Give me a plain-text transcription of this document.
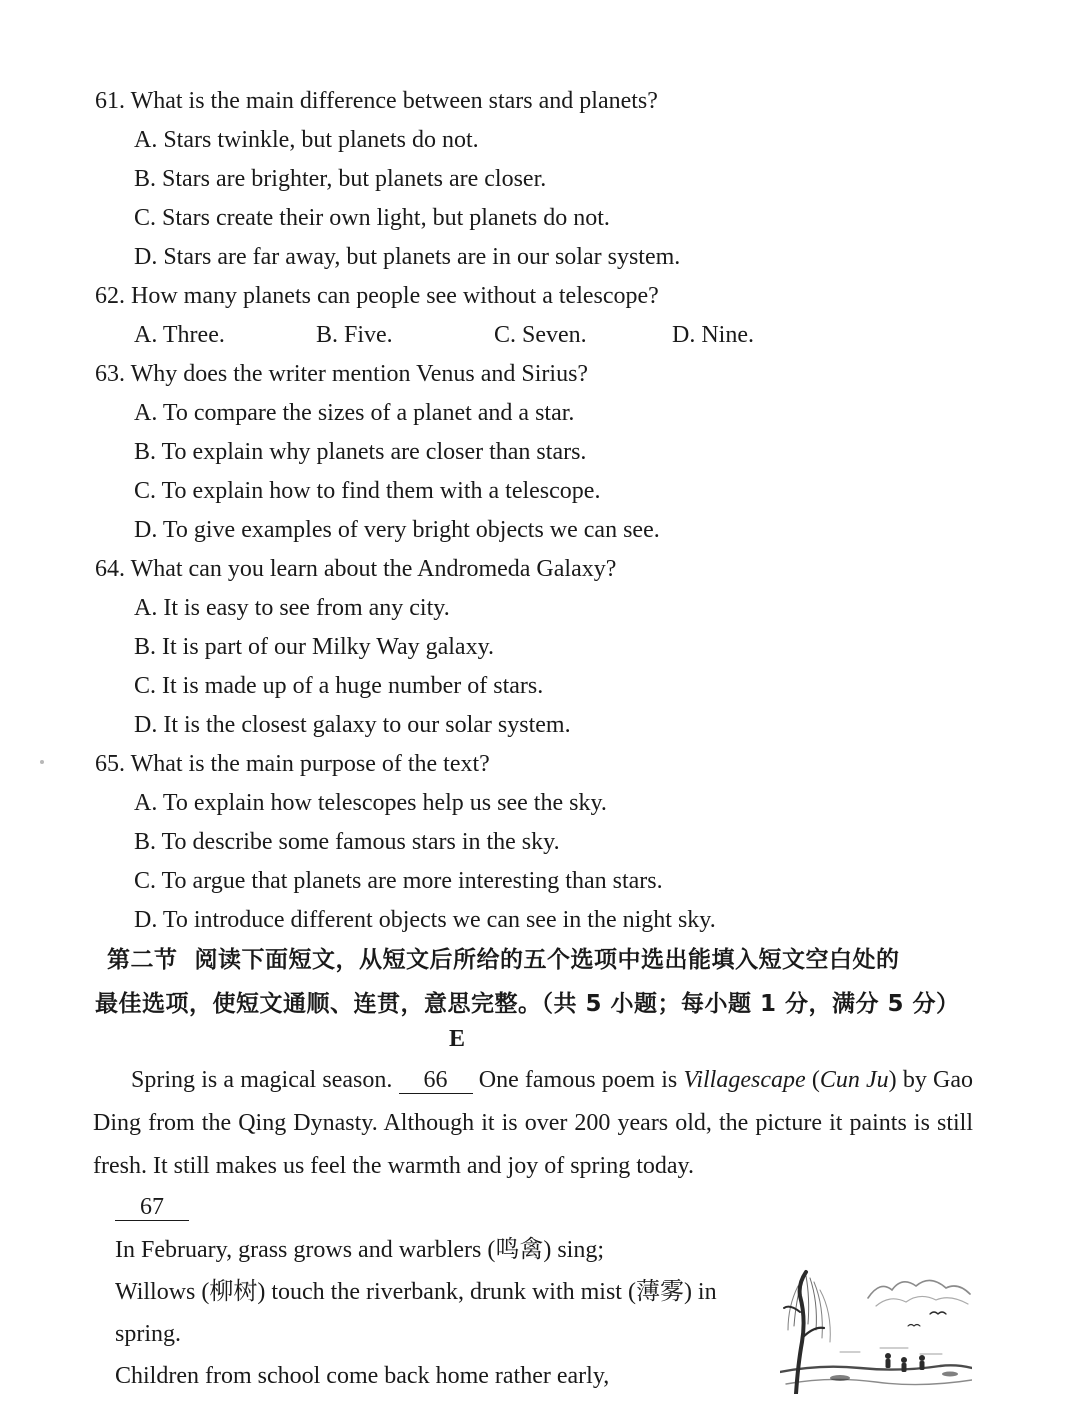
61. What is the main difference between stars and planets?
A. Stars twinkle, but planets do not.
B. Stars are brighter, but planets are closer.
C. Stars create their own light, but planets do not.
D. Stars are far away, but planets are in our solar system.
62. How many planets can people see without a telescope?
A. Three.	B. Five.	C. Seven.	D. Nine.
63. Why does the writer mention Venus and Sirius?
A. To compare the sizes of a planet and a star.
B. To explain why planets are closer than stars.
C. To explain how to find them with a telescope.
D. To give examples of very bright objects we can see.
64. What can you learn about the Andromeda Galaxy?
A. It is easy to see from any city.
B. It is part of our Milky Way galaxy.
C. It is made up of a huge number of stars.
D. It is the closest galaxy to our solar system.
65. What is the main purpose of the text?
A. To explain how telescopes help us see the sky.
B. To describe some famous stars in the sky.
C. To argue that planets are more interesting than stars.
D. To introduce different objects we can see in the night sky.
第二节 阅读下面短文，从短文后所给的五个选项中选出能填入短文空白处的
最佳选项，使短文通顺、连贯，意思完整。（共 5 小题；每小题 1 分，满分 5 分）
E
Spring is a magical season. 66 One famous poem is Villagescape (Cun Ju) by Gao Ding from the Qing Dynasty. Although it is over 200 years old, the picture it paints is still fresh. It still makes us feel the warmth and joy of spring today.
67
In February, grass grows and warblers (鸣禽) sing;
Willows (柳树) touch the riverbank, drunk with mist (薄雾) in
spring.
Children from school come back home rather early,
